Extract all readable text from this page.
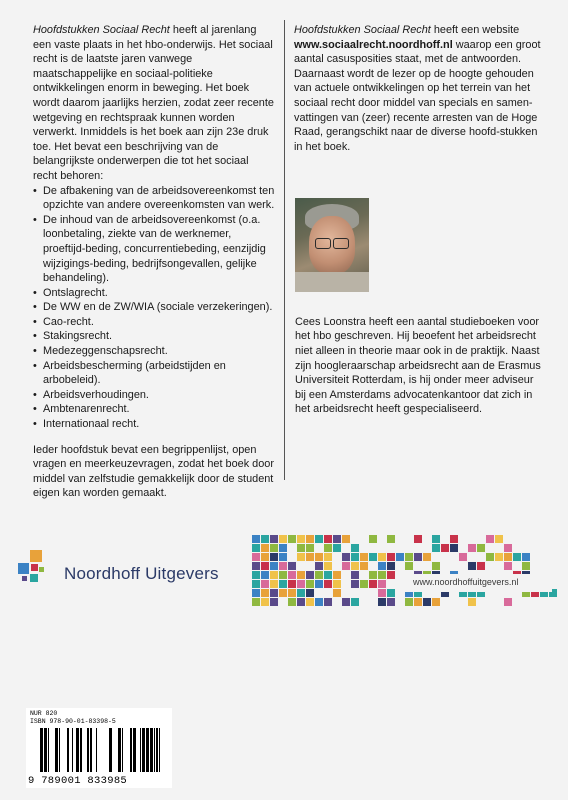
Hoofdstukken Sociaal Recht heeft al jarenlang een vaste plaats in het hbo-onderwijs. Het sociaal recht is de laatste jaren vanwege maatschappelijke en sociaal-politieke ontwikkelingen enorm in beweging. Het boek wordt daarom jaarlijks herzien, zodat zeer recente wetgeving en rechtspraak kunnen worden verwerkt. Inmiddels is het boek aan zijn 23e druk toe. Het bevat een beschrijving van de belangrijkste onderwerpen die tot het sociaal recht behoren:

• De afbakening van de arbeidsovereenkomst ten opzichte van andere overeenkomsten van werk.
• De inhoud van de arbeidsovereenkomst (o.a. loonbetaling, ziekte van de werknemer, proeftijd-beding, concurrentiebeding, eenzijdig wijzigings-beding, bedrijfsongevallen, gelijke behandeling).
• Ontslagrecht.
• De WW en de ZW/WIA (sociale verzekeringen).
• Cao-recht.
• Stakingsrecht.
• Medezeggenschapsrecht.
• Arbeidsbescherming (arbeidstijden en arbobeleid).
• Arbeidsverhoudingen.
• Ambtenarenrecht.
• Internationaal recht.

Ieder hoofdstuk bevat een begrippenlijst, open vragen en meerkeuzevragen, zodat het boek door middel van zelfstudie gemakkelijk door de student eigen kan worden gemaakt.

Hoofdstukken Sociaal Recht heeft een website www.sociaalrecht.noordhoff.nl waarop een groot aantal casusposities staat, met de antwoorden. Daarnaast wordt de lezer op de hoogte gehouden van actuele ontwikkelingen op het terrein van het sociaal recht door middel van specials en samen-vattingen van (zeer) recente arresten van de Hoge Raad, gerangschikt naar de diverse hoofd-stukken in het boek.

Cees Loonstra heeft een aantal studieboeken voor het hbo geschreven. Hij beoefent het arbeidsrecht niet alleen in theorie maar ook in de praktijk. Naast zijn hoogleraarschap arbeidsrecht aan de Erasmus Universiteit Rotterdam, is hij onder meer adviseur bij een Amsterdams advocatenkantoor dat zich in het arbeidsrecht heeft gespecialiseerd.

Noordhoff Uitgevers	www.noordhoffuitgevers.nl
NUR 820
ISBN 978-90-01-83398-5
9 789001 833985
